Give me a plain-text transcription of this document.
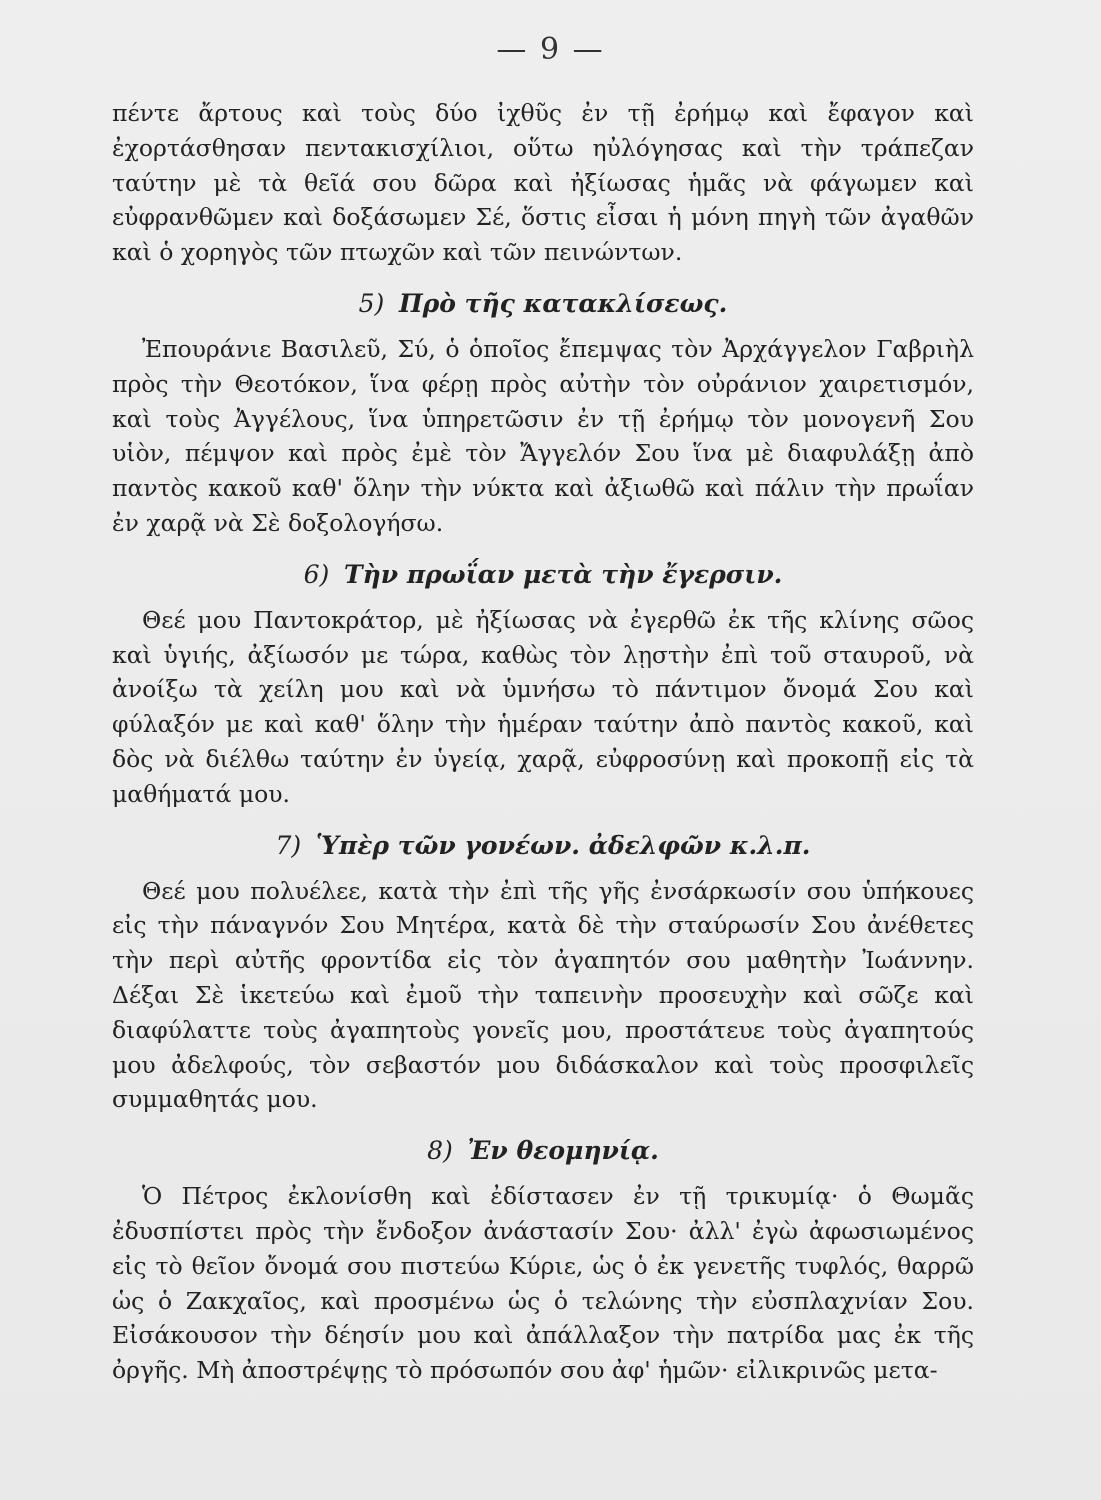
— 9 —

πέντε ἄρτους καὶ τοὺς δύο ἰχθῦς ἐν τῇ ἐρήμῳ καὶ ἔφαγον καὶ ἐχορτάσθησαν πεντακισχίλιοι, οὕτω ηὐλόγησας καὶ τὴν τράπεζαν ταύτην μὲ τὰ θεῖά σου δῶρα καὶ ἠξίωσας ἡμᾶς νὰ φάγωμεν καὶ εὐφρανθῶμεν καὶ δοξάσωμεν Σέ, ὅστις εἶσαι ἡ μόνη πηγὴ τῶν ἀγαθῶν καὶ ὁ χορηγὸς τῶν πτωχῶν καὶ τῶν πεινώντων.

5) Πρὸ τῆς κατακλίσεως.

Ἐπουράνιε Βασιλεῦ, Σύ, ὁ ὁποῖος ἔπεμψας τὸν Ἀρχάγγελον Γαβριὴλ πρὸς τὴν Θεοτόκον, ἵνα φέρῃ πρὸς αὐτὴν τὸν οὐράνιον χαιρετισμόν, καὶ τοὺς Ἀγγέλους, ἵνα ὑπηρετῶσιν ἐν τῇ ἐρήμῳ τὸν μονογενῆ Σου υἱὸν, πέμψον καὶ πρὸς ἐμὲ τὸν Ἄγγελόν Σου ἵνα μὲ διαφυλάξῃ ἀπὸ παντὸς κακοῦ καθ' ὅλην τὴν νύκτα καὶ ἀξιωθῶ καὶ πάλιν τὴν πρωΐαν ἐν χαρᾷ νὰ Σὲ δοξολογήσω.

6) Τὴν πρωΐαν μετὰ τὴν ἔγερσιν.

Θεέ μου Παντοκράτορ, μὲ ἠξίωσας νὰ ἐγερθῶ ἐκ τῆς κλίνης σῶος καὶ ὑγιής, ἀξίωσόν με τώρα, καθὼς τὸν λῃστὴν ἐπὶ τοῦ σταυροῦ, νὰ ἀνοίξω τὰ χείλη μου καὶ νὰ ὑμνήσω τὸ πάντιμον ὄνομά Σου καὶ φύλαξόν με καὶ καθ' ὅλην τὴν ἡμέραν ταύτην ἀπὸ παντὸς κακοῦ, καὶ δὸς νὰ διέλθω ταύτην ἐν ὑγείᾳ, χαρᾷ, εὐφροσύνῃ καὶ προκοπῇ εἰς τὰ μαθήματά μου.

7) Ὑπὲρ τῶν γονέων. ἀδελφῶν κ.λ.π.

Θεέ μου πολυέλεε, κατὰ τὴν ἐπὶ τῆς γῆς ἐνσάρκωσίν σου ὑπήκουες εἰς τὴν πάναγνόν Σου Μητέρα, κατὰ δὲ τὴν σταύρωσίν Σου ἀνέθετες τὴν περὶ αὐτῆς φροντίδα εἰς τὸν ἀγαπητόν σου μαθητὴν Ἰωάννην. Δέξαι Σὲ ἱκετεύω καὶ ἐμοῦ τὴν ταπεινὴν προσευχὴν καὶ σῶζε καὶ διαφύλαττε τοὺς ἀγαπητοὺς γονεῖς μου, προστάτευε τοὺς ἀγαπητούς μου ἀδελφούς, τὸν σεβαστόν μου διδάσκαλον καὶ τοὺς προσφιλεῖς συμμαθητάς μου.

8) Ἐν θεομηνίᾳ.

Ὁ Πέτρος ἐκλονίσθη καὶ ἐδίστασεν ἐν τῇ τρικυμίᾳ· ὁ Θωμᾶς ἐδυσπίστει πρὸς τὴν ἔνδοξον ἀνάστασίν Σου· ἀλλ' ἐγὼ ἀφωσιωμένος εἰς τὸ θεῖον ὄνομά σου πιστεύω Κύριε, ὡς ὁ ἐκ γενετῆς τυφλός, θαρρῶ ὡς ὁ Ζακχαῖος, καὶ προσμένω ὡς ὁ τελώνης τὴν εὐσπλαχνίαν Σου. Εἰσάκουσον τὴν δέησίν μου καὶ ἀπάλλαξον τὴν πατρίδα μας ἐκ τῆς ὀργῆς. Μὴ ἀποστρέψῃς τὸ πρόσωπόν σου ἀφ' ἡμῶν· εἰλικρινῶς μετα-
